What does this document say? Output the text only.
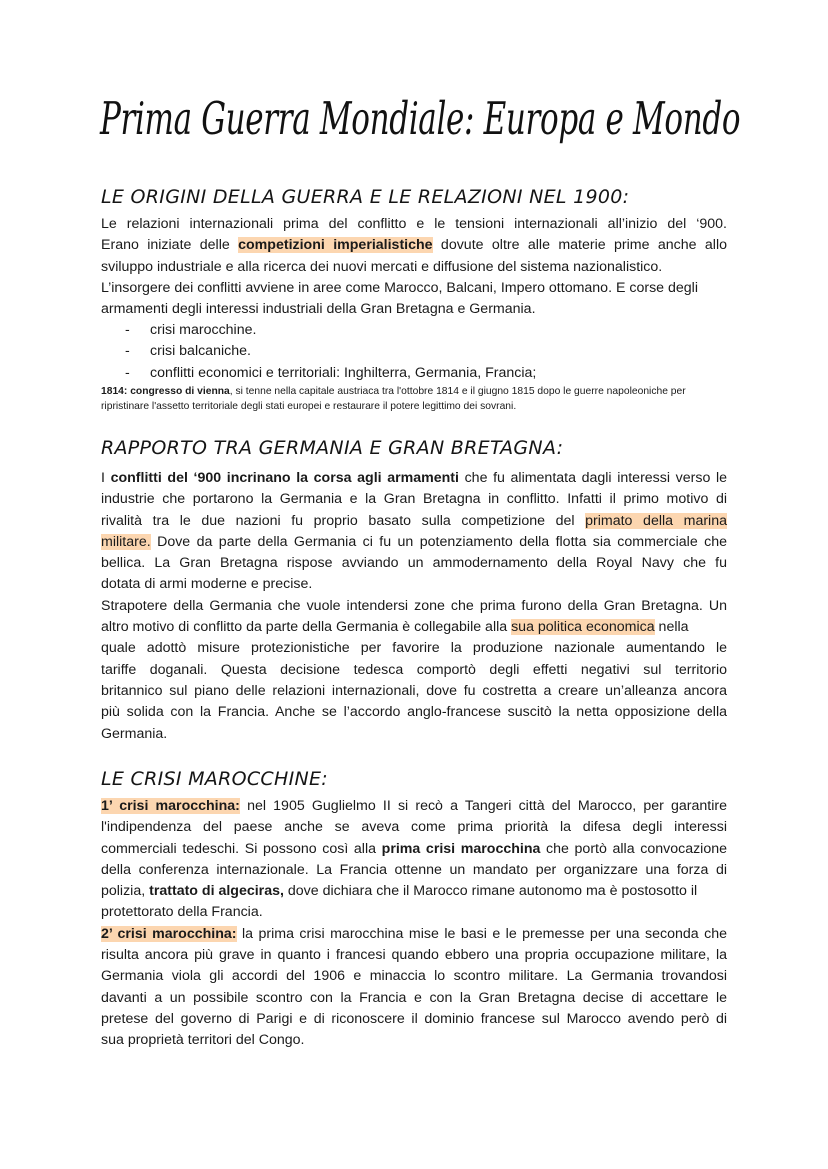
Prima Guerra Mondiale: Europa e Mondo
LE ORIGINI DELLA GUERRA E LE RELAZIONI NEL 1900:
Le relazioni internazionali prima del conflitto e le tensioni internazionali all’inizio del ‘900.
Erano iniziate delle competizioni imperialistiche dovute oltre alle materie prime anche allo
sviluppo industriale e alla ricerca dei nuovi mercati e diffusione del sistema nazionalistico.
L’insorgere dei conflitti avviene in aree come Marocco, Balcani, Impero ottomano. E corse degli
armamenti degli interessi industriali della Gran Bretagna e Germania.
- crisi marocchine.
- crisi balcaniche.
- conflitti economici e territoriali: Inghilterra, Germania, Francia;
1814: congresso di vienna, si tenne nella capitale austriaca tra l'ottobre 1814 e il giugno 1815 dopo le guerre napoleoniche per
ripristinare l'assetto territoriale degli stati europei e restaurare il potere legittimo dei sovrani.
RAPPORTO TRA GERMANIA E GRAN BRETAGNA:
I conflitti del ‘900 incrinano la corsa agli armamenti che fu alimentata dagli interessi verso le
industrie che portarono la Germania e la Gran Bretagna in conflitto. Infatti il primo motivo di
rivalità tra le due nazioni fu proprio basato sulla competizione del primato della marina
militare. Dove da parte della Germania ci fu un potenziamento della flotta sia commerciale che
bellica. La Gran Bretagna rispose avviando un ammodernamento della Royal Navy che fu
dotata di armi moderne e precise.
Strapotere della Germania che vuole intendersi zone che prima furono della Gran Bretagna. Un
altro motivo di conflitto da parte della Germania è collegabile alla sua politica economica nella
quale adottò misure protezionistiche per favorire la produzione nazionale aumentando le
tariffe doganali. Questa decisione tedesca comportò degli effetti negativi sul territorio
britannico sul piano delle relazioni internazionali, dove fu costretta a creare un’alleanza ancora
più solida con la Francia. Anche se l’accordo anglo-francese suscitò la netta opposizione della
Germania.
LE CRISI MAROCCHINE:
1’ crisi marocchina: nel 1905 Guglielmo II si recò a Tangeri città del Marocco, per garantire
l'indipendenza del paese anche se aveva come prima priorità la difesa degli interessi
commerciali tedeschi. Si possono così alla prima crisi marocchina che portò alla convocazione
della conferenza internazionale. La Francia ottenne un mandato per organizzare una forza di
polizia, trattato di algeciras, dove dichiara che il Marocco rimane autonomo ma è postosotto il
protettorato della Francia.
2’ crisi marocchina: la prima crisi marocchina mise le basi e le premesse per una seconda che
risulta ancora più grave in quanto i francesi quando ebbero una propria occupazione militare, la
Germania viola gli accordi del 1906 e minaccia lo scontro militare. La Germania trovandosi
davanti a un possibile scontro con la Francia e con la Gran Bretagna decise di accettare le
pretese del governo di Parigi e di riconoscere il dominio francese sul Marocco avendo però di
sua proprietà territori del Congo.
